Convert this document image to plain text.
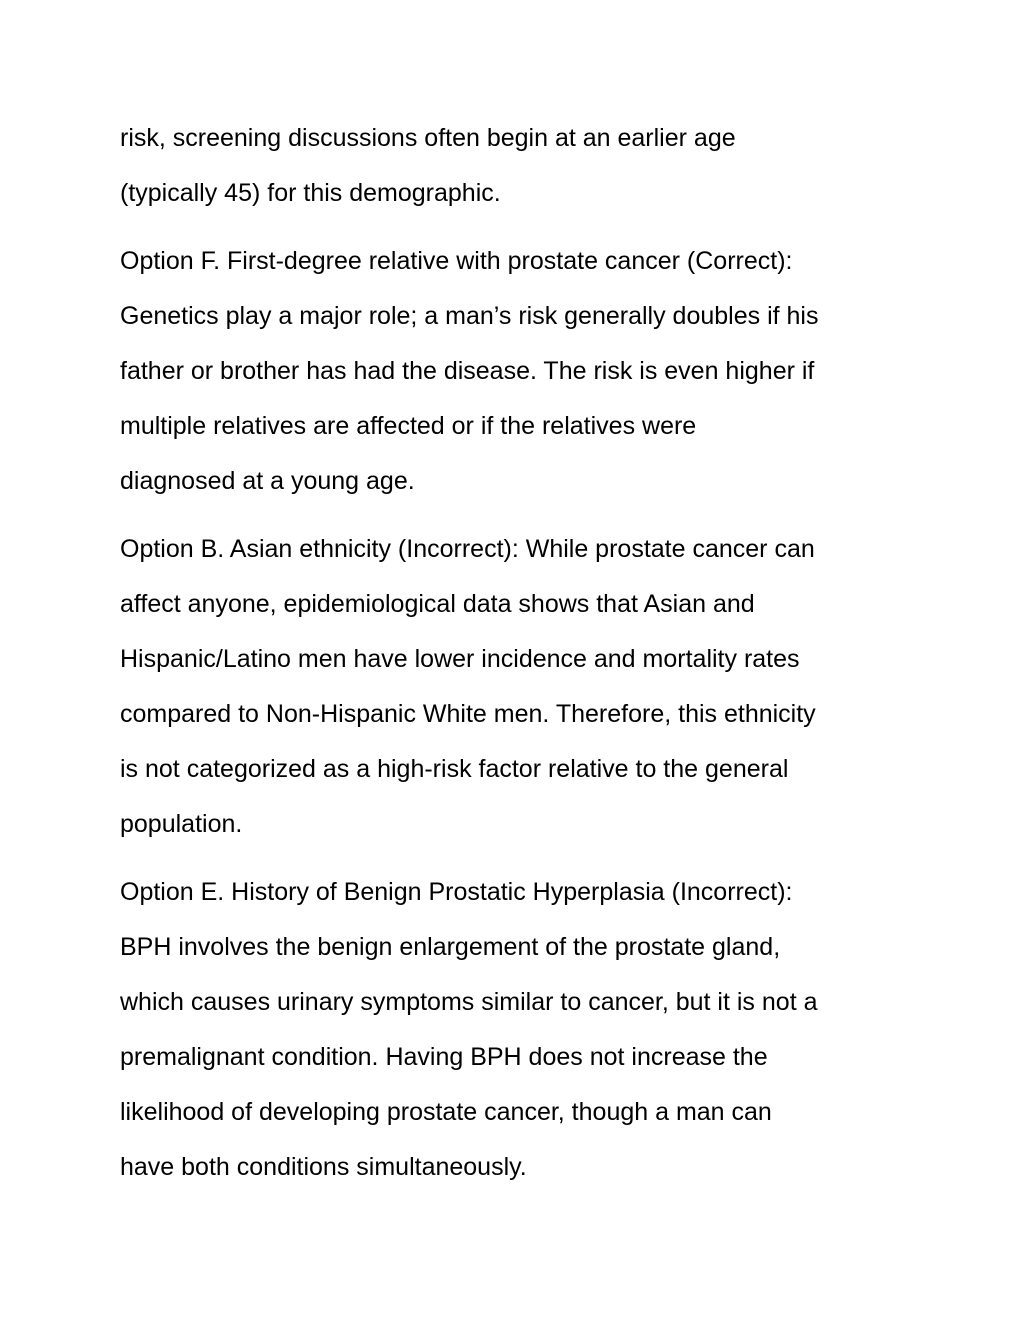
risk, screening discussions often begin at an earlier age
(typically 45) for this demographic.

Option F. First-degree relative with prostate cancer (Correct):
Genetics play a major role; a man’s risk generally doubles if his
father or brother has had the disease. The risk is even higher if
multiple relatives are affected or if the relatives were
diagnosed at a young age.

Option B. Asian ethnicity (Incorrect): While prostate cancer can
affect anyone, epidemiological data shows that Asian and
Hispanic/Latino men have lower incidence and mortality rates
compared to Non-Hispanic White men. Therefore, this ethnicity
is not categorized as a high-risk factor relative to the general
population.

Option E. History of Benign Prostatic Hyperplasia (Incorrect):
BPH involves the benign enlargement of the prostate gland,
which causes urinary symptoms similar to cancer, but it is not a
premalignant condition. Having BPH does not increase the
likelihood of developing prostate cancer, though a man can
have both conditions simultaneously.
